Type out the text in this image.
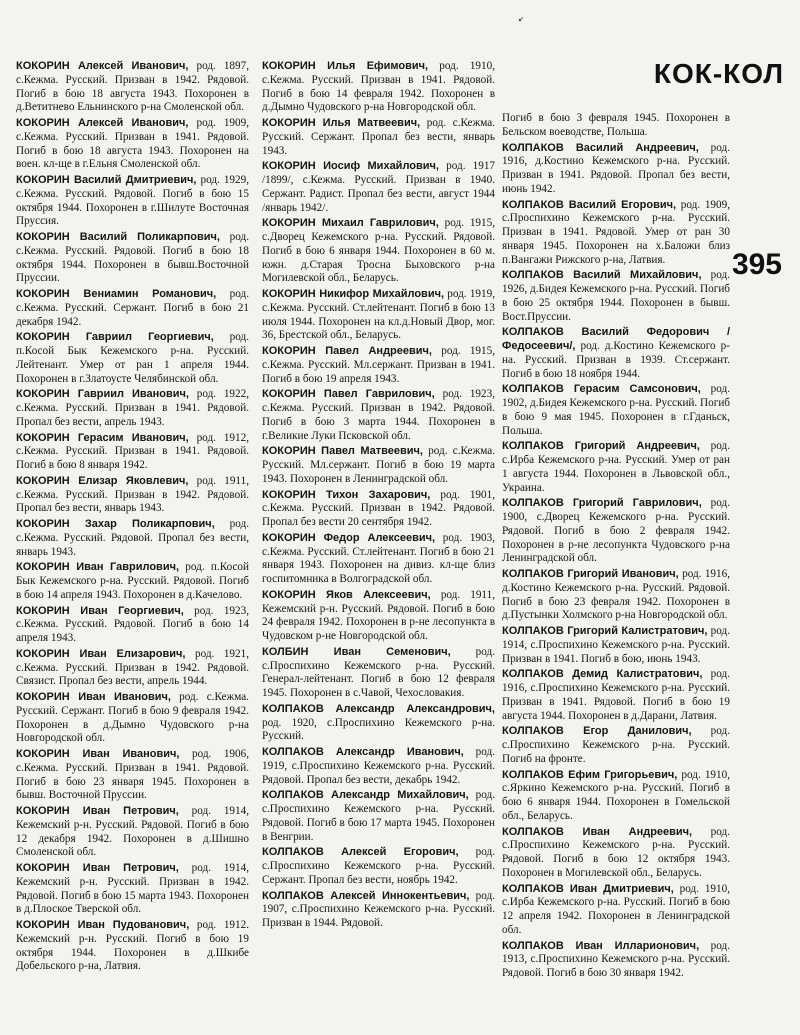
КОК-КОЛ
395

КОКОРИН Алексей Иванович, род. 1897, с.Кежма. Русский. Призван в 1942. Рядовой. Погиб в бою 18 августа 1943. Похоронен в д.Ветитнево Ельнинского р-на Смоленской обл.

КОКОРИН Алексей Иванович, род. 1909, с.Кежма. Русский. Призван в 1941. Рядовой. Погиб в бою 18 августа 1943. Похоронен на воен. кл-ще в г.Ельня Смоленской обл.

КОКОРИН Василий Дмитриевич, род. 1929, с.Кежма. Русский. Рядовой. Погиб в бою 15 октября 1944. Похоронен в г.Шилуте Восточная Пруссия.

КОКОРИН Василий Поликарпович, род. с.Кежма. Русский. Рядовой. Погиб в бою 18 октября 1944. Похоронен в бывш.Восточной Пруссии.

КОКОРИН Вениамин Романович, род. с.Кежма. Русский. Сержант. Погиб в бою 21 декабря 1942.

КОКОРИН Гавриил Георгиевич, род. п.Косой Бык Кежемского р-на. Русский. Лейтенант. Умер от ран 1 апреля 1944. Похоронен в г.Златоусте Челябинской обл.

КОКОРИН Гавриил Иванович, род. 1922, с.Кежма. Русский. Призван в 1941. Рядовой. Пропал без вести, апрель 1943.

КОКОРИН Герасим Иванович, род. 1912, с.Кежма. Русский. Призван в 1941. Рядовой. Погиб в бою 8 января 1942.

КОКОРИН Елизар Яковлевич, род. 1911, с.Кежма. Русский. Призван в 1942. Рядовой. Пропал без вести, январь 1943.

КОКОРИН Захар Поликарпович, род. с.Кежма. Русский. Рядовой. Пропал без вести, январь 1943.

КОКОРИН Иван Гаврилович, род. п.Косой Бык Кежемского р-на. Русский. Рядовой. Погиб в бою 14 апреля 1943. Похоронен в д.Качелово.

КОКОРИН Иван Георгиевич, род. 1923, с.Кежма. Русский. Рядовой. Погиб в бою 14 апреля 1943.

КОКОРИН Иван Елизарович, род. 1921, с.Кежма. Русский. Призван в 1942. Рядовой. Связист. Пропал без вести, апрель 1944.

КОКОРИН Иван Иванович, род. с.Кежма. Русский. Сержант. Погиб в бою 9 февраля 1942. Похоронен в д.Дымно Чудовского р-на Новгородской обл.

КОКОРИН Иван Иванович, род. 1906, с.Кежма. Русский. Призван в 1941. Рядовой. Погиб в бою 23 января 1945. Похоронен в бывш. Восточной Пруссии.

КОКОРИН Иван Петрович, род. 1914, Кежемский р-н. Русский. Рядовой. Погиб в бою 12 декабря 1942. Похоронен в д.Шишно Смоленской обл.

КОКОРИН Иван Петрович, род. 1914, Кежемский р-н. Русский. Призван в 1942. Рядовой. Погиб в бою 15 марта 1943. Похоронен в д.Плоское Тверской обл.

КОКОРИН Иван Пудованович, род. 1912. Кежемский р-н. Русский. Погиб в бою 19 октября 1944. Похоронен в д.Шкибе Добельского р-на, Латвия.

КОКОРИН Илья Ефимович, род. 1910, с.Кежма. Русский. Призван в 1941. Рядовой. Погиб в бою 14 февраля 1942. Похоронен в д.Дымно Чудовского р-на Новгородской обл.

КОКОРИН Илья Матвеевич, род. с.Кежма. Русский. Сержант. Пропал без вести, январь 1943.

КОКОРИН Иосиф Михайлович, род. 1917 /1899/, с.Кежма. Русский. Призван в 1940. Сержант. Радист. Пропал без вести, август 1944 /январь 1942/.

КОКОРИН Михаил Гаврилович, род. 1915, с.Дворец Кежемского р-на. Русский. Рядовой. Погиб в бою 6 января 1944. Похоронен в 60 м. южн. д.Старая Тросна Быховского р-на Могилевской обл., Беларусь.

КОКОРИН Никифор Михайлович, род. 1919, с.Кежма. Русский. Ст.лейтенант. Погиб в бою 13 июля 1944. Похоронен на кл.д.Новый Двор, мог. 36, Брестской обл., Беларусь.

КОКОРИН Павел Андреевич, род. 1915, с.Кежма. Русский. Мл.сержант. Призван в 1941. Погиб в бою 19 апреля 1943.

КОКОРИН Павел Гаврилович, род. 1923, с.Кежма. Русский. Призван в 1942. Рядовой. Погиб в бою 3 марта 1944. Похоронен в г.Великие Луки Псковской обл.

КОКОРИН Павел Матвеевич, род. с.Кежма. Русский. Мл.сержант. Погиб в бою 19 марта 1943. Похоронен в Ленинградской обл.

КОКОРИН Тихон Захарович, род. 1901, с.Кежма. Русский. Призван в 1942. Рядовой. Пропал без вести 20 сентября 1942.

КОКОРИН Федор Алексеевич, род. 1903, с.Кежма. Русский. Ст.лейтенант. Погиб в бою 21 января 1943. Похоронен на дивиз. кл-ще близ госпитомника в Волгоградской обл.

КОКОРИН Яков Алексеевич, род. 1911, Кежемский р-н. Русский. Рядовой. Погиб в бою 24 февраля 1942. Похоронен в р-не лесопункта в Чудовском р-не Новгородской обл.

КОЛБИН Иван Семенович, род. с.Проспихино Кежемского р-на. Русский. Генерал-лейтенант. Погиб в бою 12 февраля 1945. Похоронен в с.Чавой, Чехословакия.

КОЛПАКОВ Александр Александрович, род. 1920, с.Проспихино Кежемского р-на. Русский.

КОЛПАКОВ Александр Иванович, род. 1919, с.Проспихино Кежемского р-на. Русский. Рядовой. Пропал без вести, декабрь 1942.

КОЛПАКОВ Александр Михайлович, род. с.Проспихино Кежемского р-на. Русский. Рядовой. Погиб в бою 17 марта 1945. Похоронен в Венгрии.

КОЛПАКОВ Алексей Егорович, род. с.Проспихино Кежемского р-на. Русский. Сержант. Пропал без вести, ноябрь 1942.

КОЛПАКОВ Алексей Иннокентьевич, род. 1907, с.Проспихино Кежемского р-на. Русский. Призван в 1944. Рядовой.

Погиб в бою 3 февраля 1945. Похоронен в Бельском воеводстве, Польша.

КОЛПАКОВ Василий Андреевич, род. 1916, д.Костино Кежемского р-на. Русский. Призван в 1941. Рядовой. Пропал без вести, июнь 1942.

КОЛПАКОВ Василий Егорович, род. 1909, с.Проспихино Кежемского р-на. Русский. Призван в 1941. Рядовой. Умер от ран 30 января 1945. Похоронен на х.Баложи близ п.Вангажи Рижского р-на, Латвия.

КОЛПАКОВ Василий Михайлович, род. 1926, д.Бидея Кежемского р-на. Русский. Погиб в бою 25 октября 1944. Похоронен в бывш. Вост.Пруссии.

КОЛПАКОВ Василий Федорович /Федосеевич/, род. д.Костино Кежемского р-на. Русский. Призван в 1939. Ст.сержант. Погиб в бою 18 ноября 1944.

КОЛПАКОВ Герасим Самсонович, род. 1902, д.Бидея Кежемского р-на. Русский. Погиб в бою 9 мая 1945. Похоронен в г.Гданьск, Польша.

КОЛПАКОВ Григорий Андреевич, род. с.Ирба Кежемского р-на. Русский. Умер от ран 1 августа 1944. Похоронен в Львовской обл., Украина.

КОЛПАКОВ Григорий Гаврилович, род. 1900, с.Дворец Кежемского р-на. Русский. Рядовой. Погиб в бою 2 февраля 1942. Похоронен в р-не лесопункта Чудовского р-на Ленинградской обл.

КОЛПАКОВ Григорий Иванович, род. 1916, д.Костино Кежемского р-на. Русский. Рядовой. Погиб в бою 23 февраля 1942. Похоронен в д.Пустынки Холмского р-на Новгородской обл.

КОЛПАКОВ Григорий Калистратович, род. 1914, с.Проспихино Кежемского р-на. Русский. Призван в 1941. Погиб в бою, июнь 1943.

КОЛПАКОВ Демид Калистратович, род. 1916, с.Проспихино Кежемского р-на. Русский. Призван в 1941. Рядовой. Погиб в бою 19 августа 1944. Похоронен в д.Дарани, Латвия.

КОЛПАКОВ Егор Данилович, род. с.Проспихино Кежемского р-на. Русский. Погиб на фронте.

КОЛПАКОВ Ефим Григорьевич, род. 1910, с.Яркино Кежемского р-на. Русский. Погиб в бою 6 января 1944. Похоронен в Гомельской обл., Беларусь.

КОЛПАКОВ Иван Андреевич, род. с.Проспихино Кежемского р-на. Русский. Рядовой. Погиб в бою 12 октября 1943. Похоронен в Могилевской обл., Беларусь.

КОЛПАКОВ Иван Дмитриевич, род. 1910, с.Ирба Кежемского р-на. Русский. Погиб в бою 12 апреля 1942. Похоронен в Ленинградской обл.

КОЛПАКОВ Иван Илларионович, род. 1913, с.Проспихино Кежемского р-на. Русский. Рядовой. Погиб в бою 30 января 1942.
